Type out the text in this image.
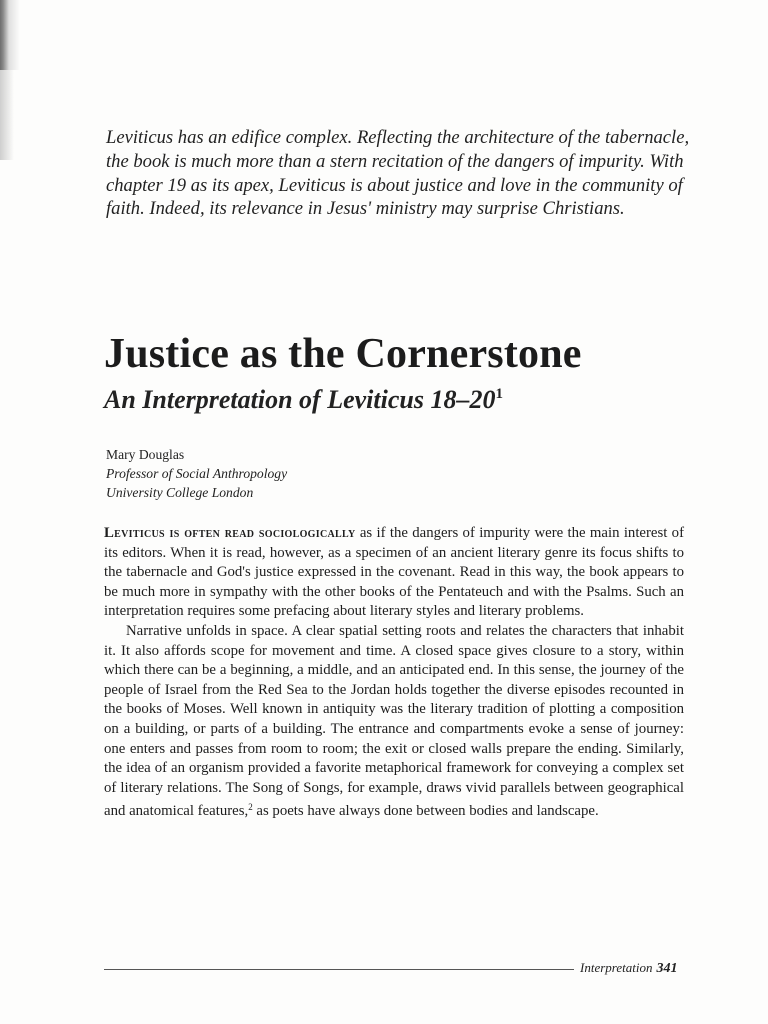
Leviticus has an edifice complex. Reflecting the architecture of the tabernacle, the book is much more than a stern recitation of the dangers of impurity. With chapter 19 as its apex, Leviticus is about justice and love in the community of faith. Indeed, its relevance in Jesus' ministry may surprise Christians.

Justice as the Cornerstone
An Interpretation of Leviticus $18-20^1$
Mary Douglas
Professor of Social Anthropology
University College London

Leviticus is often read sociologically as if the dangers of impurity were the main interest of its editors. When it is read, however, as a specimen of an ancient literary genre its focus shifts to the tabernacle and God's justice expressed in the covenant. Read in this way, the book appears to be much more in sympathy with the other books of the Pentateuch and with the Psalms. Such an interpretation requires some prefacing about literary styles and literary problems.

Narrative unfolds in space. A clear spatial setting roots and relates the characters that inhabit it. It also affords scope for movement and time. A closed space gives closure to a story, within which there can be a beginning, a middle, and an anticipated end. In this sense, the journey of the people of Israel from the Red Sea to the Jordan holds together the diverse episodes recounted in the books of Moses. Well known in antiquity was the literary tradition of plotting a composition on a building, or parts of a building. The entrance and compartments evoke a sense of journey: one enters and passes from room to room; the exit or closed walls prepare the ending. Similarly, the idea of an organism provided a favorite metaphorical framework for conveying a complex set of literary relations. The Song of Songs, for example, draws vivid parallels between geographical and anatomical features,$^2$ as poets have always done between bodies and landscape.

Interpretation 341
